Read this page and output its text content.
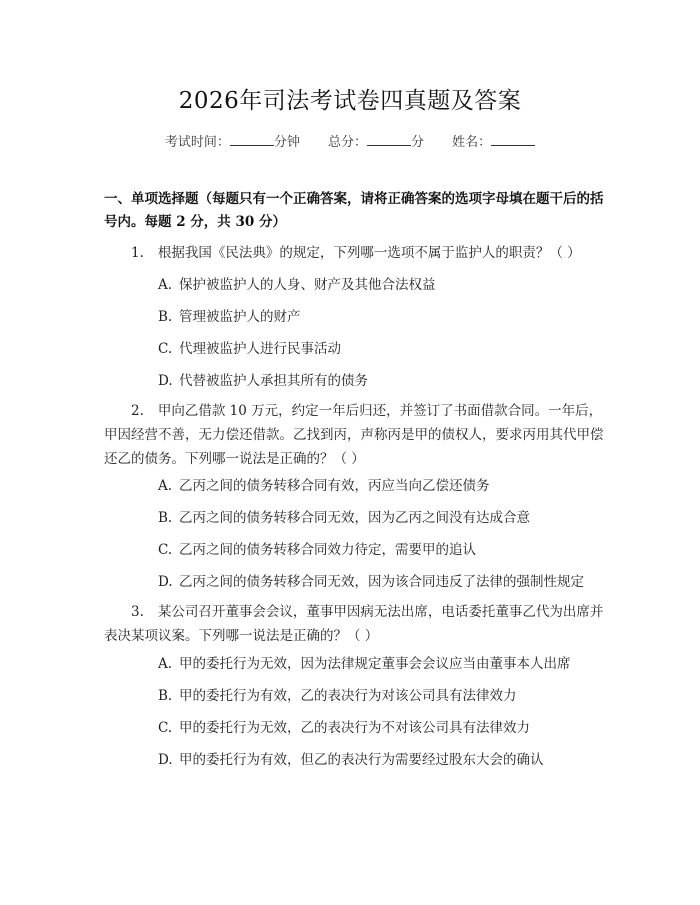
2026年司法考试卷四真题及答案
考试时间：	分钟 总分：	分 姓名：
一、单项选择题（每题只有一个正确答案，请将正确答案的选项字母填在题干后的括号内。每题 2 分，共 30 分）
1. 根据我国《民法典》的规定，下列哪一选项不属于监护人的职责？（ ）
A. 保护被监护人的人身、财产及其他合法权益
B. 管理被监护人的财产
C. 代理被监护人进行民事活动
D. 代替被监护人承担其所有的债务
2. 甲向乙借款 10 万元，约定一年后归还，并签订了书面借款合同。一年后，甲因经营不善，无力偿还借款。乙找到丙，声称丙是甲的债权人，要求丙用其代甲偿还乙的债务。下列哪一说法是正确的？（ ）
A. 乙丙之间的债务转移合同有效，丙应当向乙偿还债务
B. 乙丙之间的债务转移合同无效，因为乙丙之间没有达成合意
C. 乙丙之间的债务转移合同效力待定，需要甲的追认
D. 乙丙之间的债务转移合同无效，因为该合同违反了法律的强制性规定
3. 某公司召开董事会会议，董事甲因病无法出席，电话委托董事乙代为出席并表决某项议案。下列哪一说法是正确的？（ ）
A. 甲的委托行为无效，因为法律规定董事会会议应当由董事本人出席
B. 甲的委托行为有效，乙的表决行为对该公司具有法律效力
C. 甲的委托行为无效，乙的表决行为不对该公司具有法律效力
D. 甲的委托行为有效，但乙的表决行为需要经过股东大会的确认
